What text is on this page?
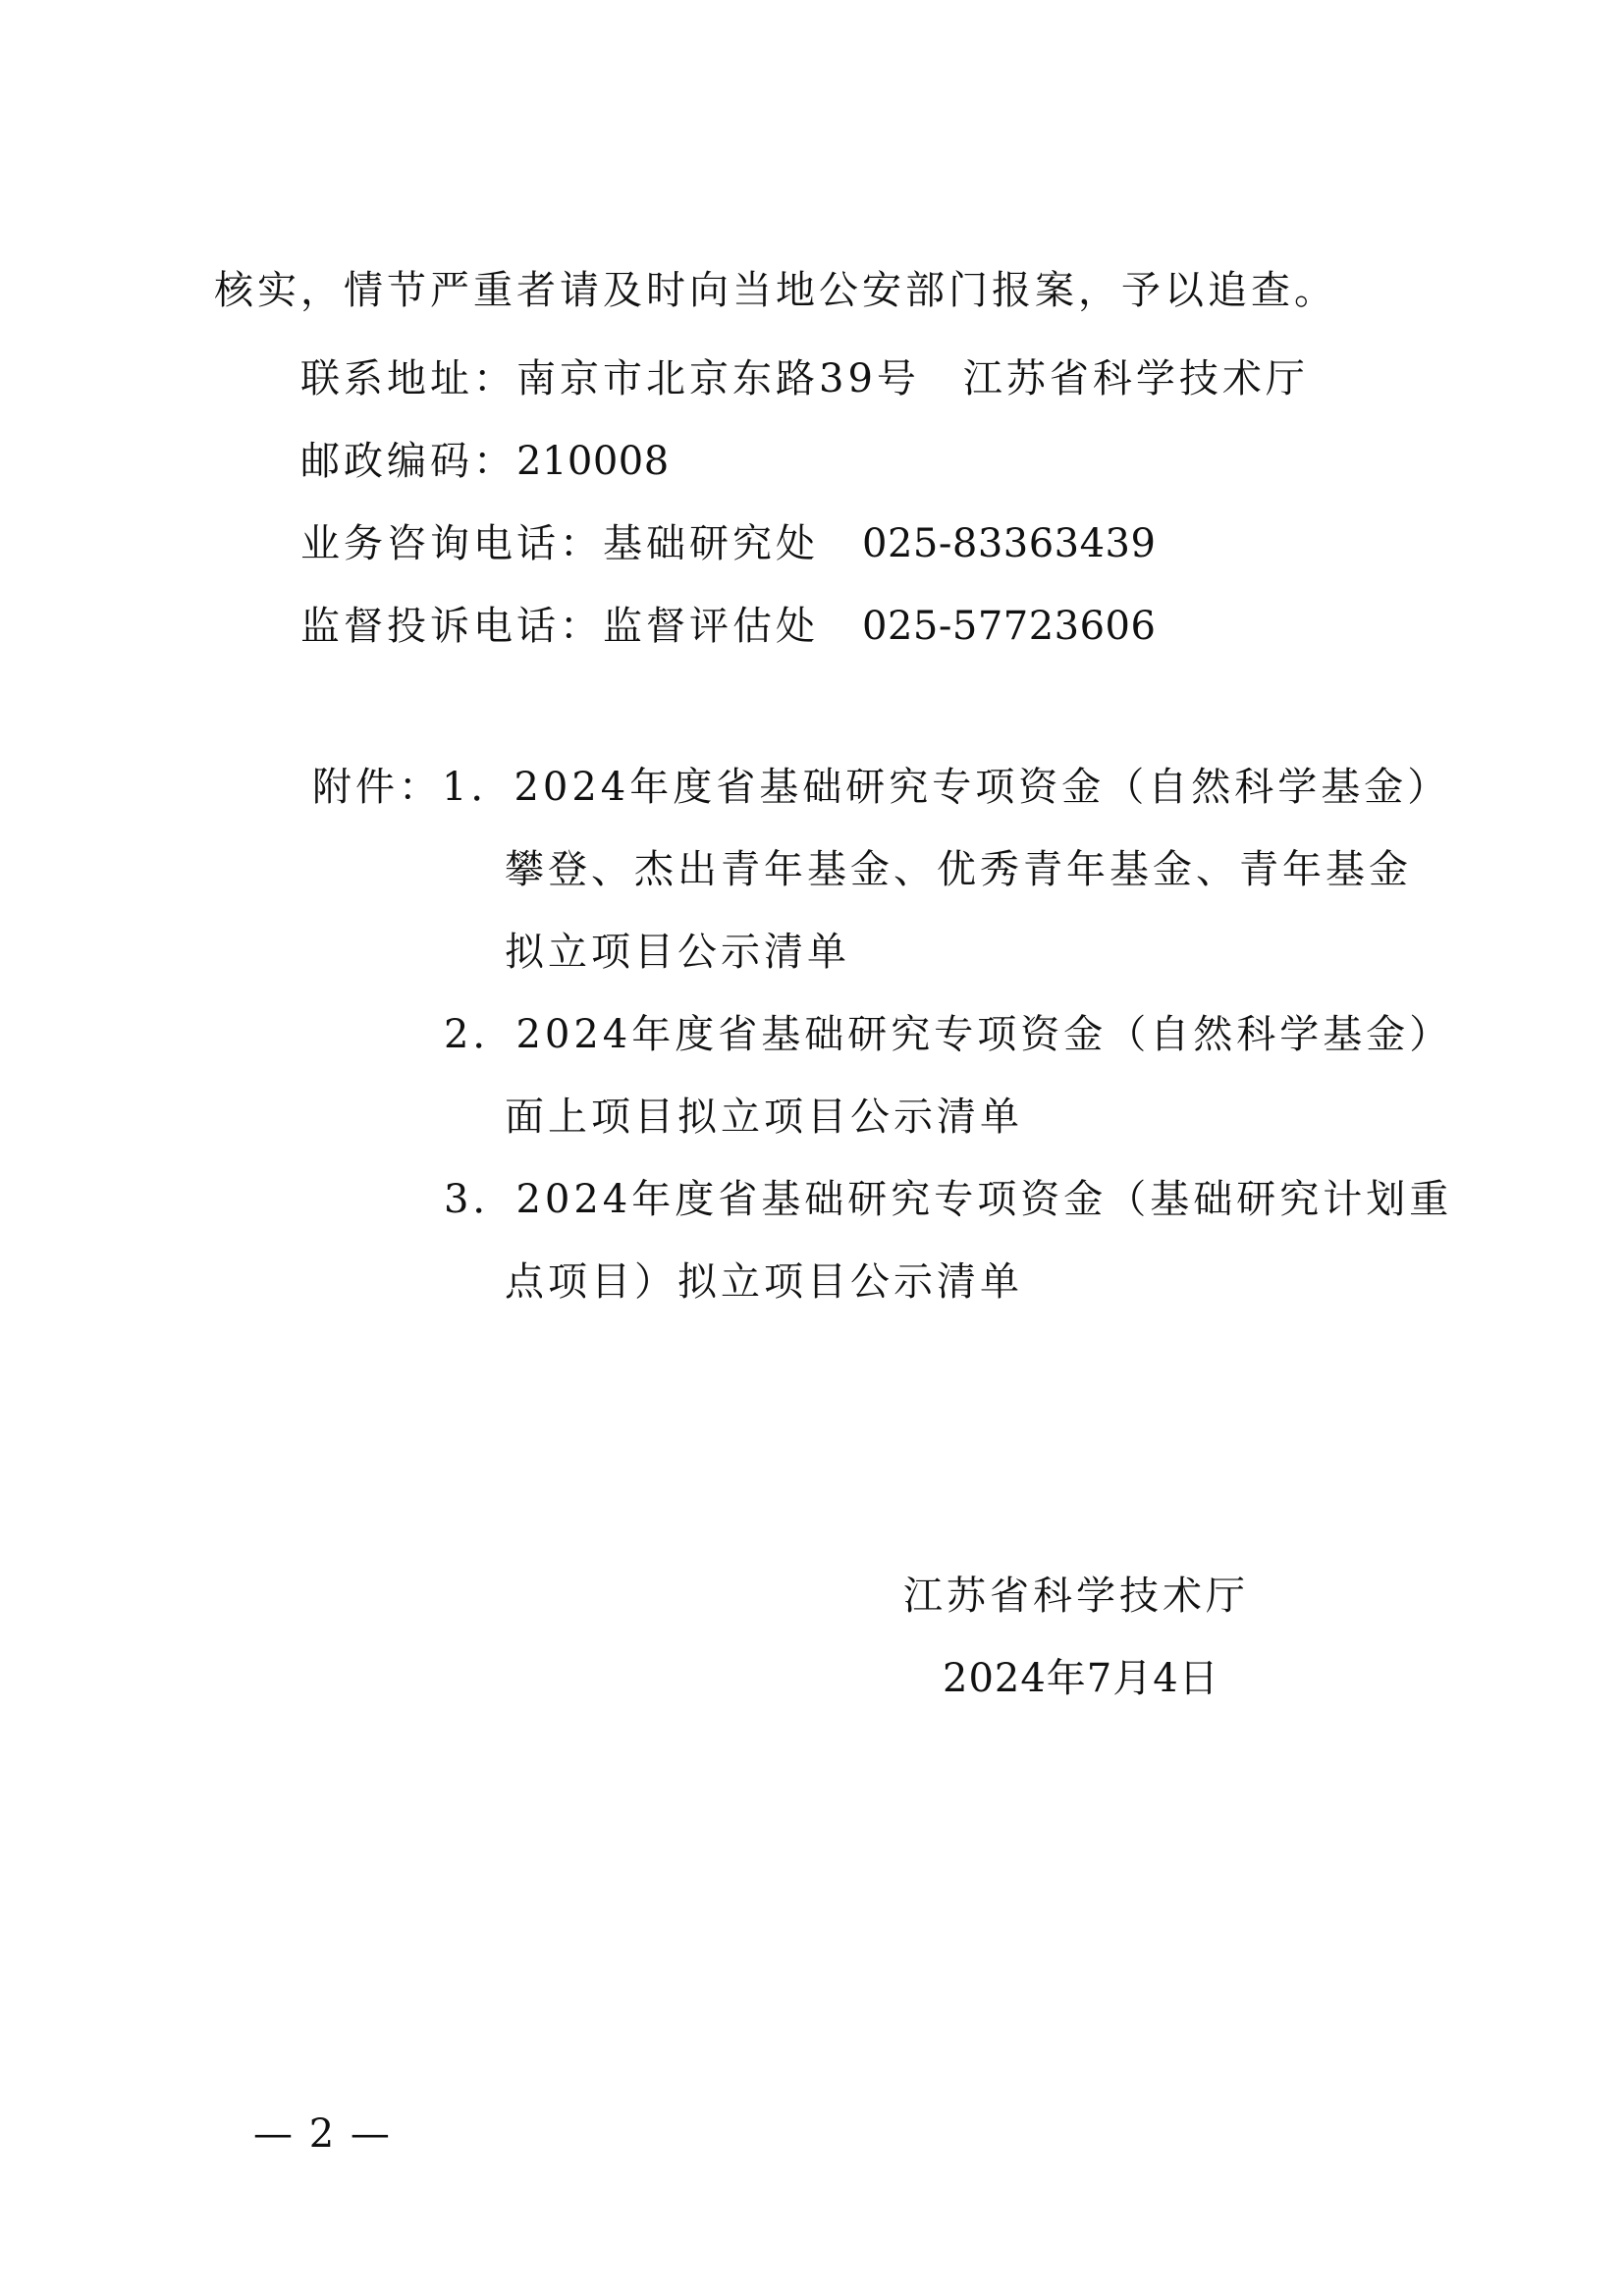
核实，情节严重者请及时向当地公安部门报案，予以追查。
联系地址：南京市北京东路39号 江苏省科学技术厅
邮政编码：210008
业务咨询电话：基础研究处 025-83363439
监督投诉电话：监督评估处 025-57723606
附件：1．2024年度省基础研究专项资金（自然科学基金）
攀登、杰出青年基金、优秀青年基金、青年基金
拟立项目公示清单
2．2024年度省基础研究专项资金（自然科学基金）
面上项目拟立项目公示清单
3．2024年度省基础研究专项资金（基础研究计划重
点项目）拟立项目公示清单
江苏省科学技术厅
2024年7月4日
— 2 —
